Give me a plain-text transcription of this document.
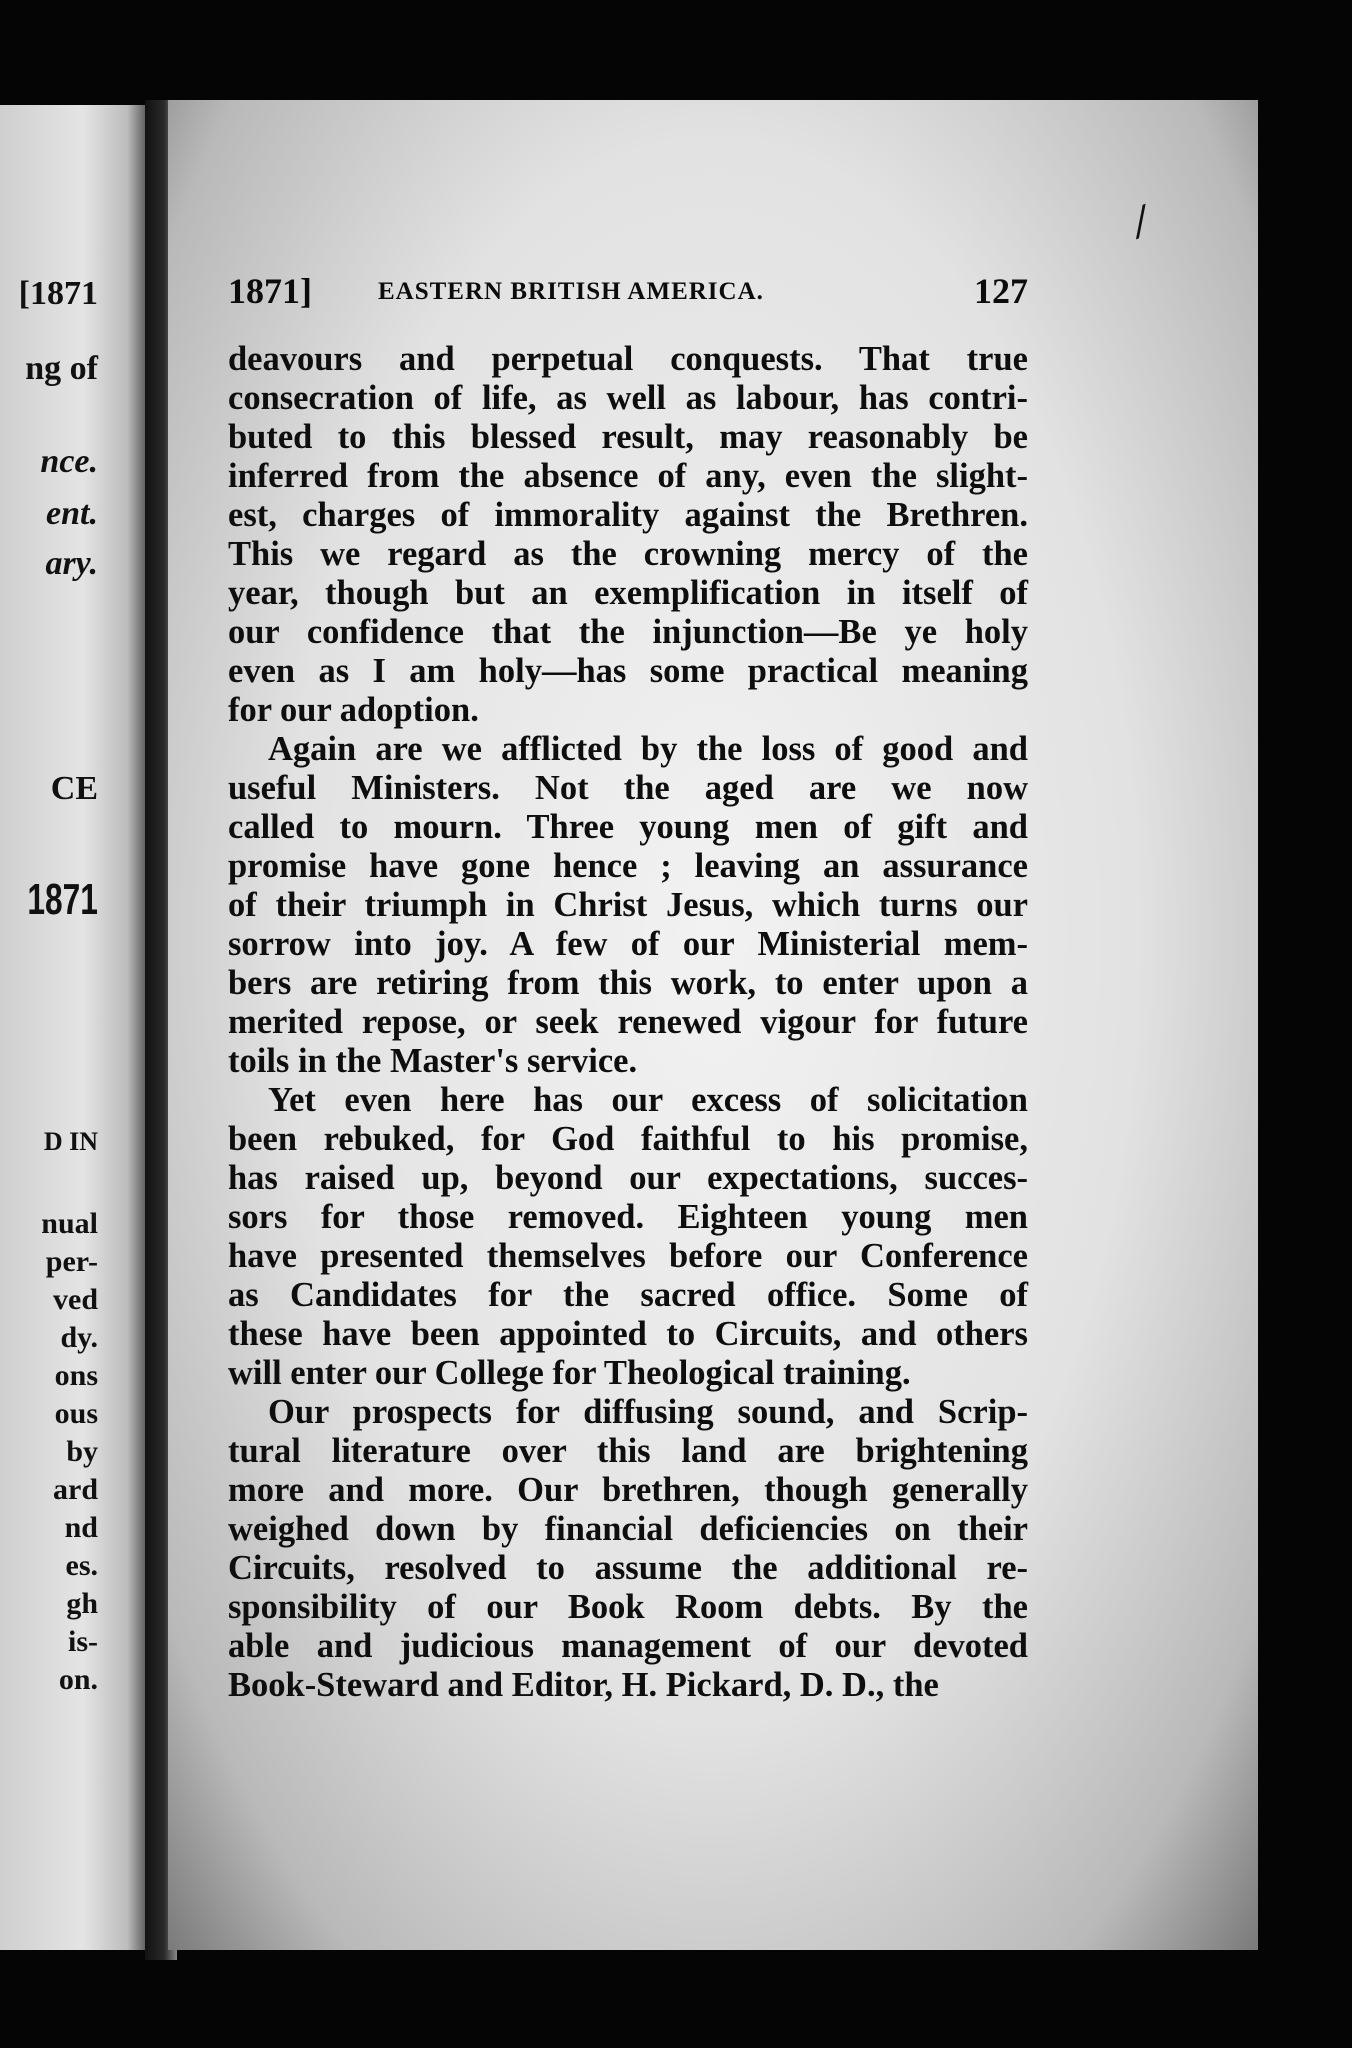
[1871
ng of
nce.
ent.
ary.
CE
1871
D IN
nual
per-
ved
dy.
ons
ous
by
ard
nd
es.
gh
is-
on.
1871]	EASTERN BRITISH AMERICA.	127
deavours and perpetual conquests. That true
consecration of life, as well as labour, has contri-
buted to this blessed result, may reasonably be
inferred from the absence of any, even the slight-
est, charges of immorality against the Brethren.
This we regard as the crowning mercy of the
year, though but an exemplification in itself of
our confidence that the injunction—Be ye holy
even as I am holy—has some practical meaning
for our adoption.
Again are we afflicted by the loss of good and
useful Ministers. Not the aged are we now
called to mourn. Three young men of gift and
promise have gone hence ; leaving an assurance
of their triumph in Christ Jesus, which turns our
sorrow into joy. A few of our Ministerial mem-
bers are retiring from this work, to enter upon a
merited repose, or seek renewed vigour for future
toils in the Master's service.
Yet even here has our excess of solicitation
been rebuked, for God faithful to his promise,
has raised up, beyond our expectations, succes-
sors for those removed. Eighteen young men
have presented themselves before our Conference
as Candidates for the sacred office. Some of
these have been appointed to Circuits, and others
will enter our College for Theological training.
Our prospects for diffusing sound, and Scrip-
tural literature over this land are brightening
more and more. Our brethren, though generally
weighed down by financial deficiencies on their
Circuits, resolved to assume the additional re-
sponsibility of our Book Room debts. By the
able and judicious management of our devoted
Book-Steward and Editor, H. Pickard, D. D., the
⁄
